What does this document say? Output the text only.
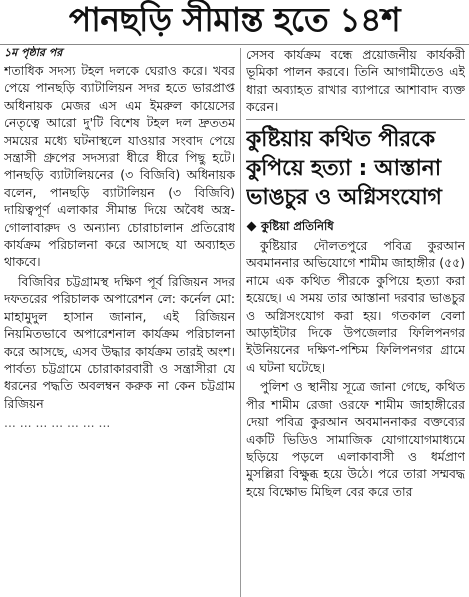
পানছড়ি সীমান্ত হতে ১৪শ
১ম পৃষ্ঠার পর

শতাধিক সদস্য টহল দলকে ঘেরাও করে। খবর পেয়ে পানছড়ি ব্যাটালিয়ন সদর হতে ভারপ্রাপ্ত অধিনায়ক মেজর এস এম ইমরুল কায়েসের নেতৃত্বে আরো দু'টি বিশেষ টহল দল দ্রুততম সময়ের মধ্যে ঘটনাস্থলে যাওয়ার সংবাদ পেয়ে সন্ত্রাসী গ্রুপের সদস্যরা ধীরে ধীরে পিছু হটে। পানছড়ি ব্যাটালিয়নের (৩ বিজিবি) অধিনায়ক বলেন, পানছড়ি ব্যাটালিয়ন (৩ বিজিবি) দায়িত্বপূর্ণ এলাকার সীমান্ত দিয়ে অবৈধ অস্ত্র-গোলাবারুদ ও অন্যান্য চোরাচালান প্রতিরোধ কার্যক্রম পরিচালনা করে আসছে যা অব্যাহত থাকবে।

বিজিবির চট্টগ্রামস্থ দক্ষিণ পূর্ব রিজিয়ন সদর দফতরের পরিচালক অপারেশন লে: কর্নেল মো: মাহামুদুল হাসান জানান, এই রিজিয়ন নিয়মিতভাবে অপারেশনাল কার্যক্রম পরিচালনা করে আসছে, এসব উদ্ধার কার্যক্রম তারই অংশ। পার্বত্য চট্টগ্রামে চোরাকারবারী ও সন্ত্রাসীরা যে ধরনের পদ্ধতি অবলম্বন করুক না কেন চট্টগ্রাম রিজিয়ন

... ... ... ... ... ... ...

সেসব কার্যক্রম বন্ধে প্রয়োজনীয় কার্যকরী ভূমিকা পালন করবে। তিনি আগামীতেও এই ধারা অব্যাহত রাখার ব্যাপারে আশাবাদ ব্যক্ত করেন।

কুষ্টিয়ায় কথিত পীরকে কুপিয়ে হত্যা : আস্তানা ভাঙচুর ও অগ্নিসংযোগ
কুষ্টিয়া প্রতিনিধি

কুষ্টিয়ার দৌলতপুরে পবিত্র কুরআন অবমাননার অভিযোগে শামীম জাহাঙ্গীর (৫৫) নামে এক কথিত পীরকে কুপিয়ে হত্যা করা হয়েছে। এ সময় তার আস্তানা দরবার ভাঙচুর ও অগ্নিসংযোগ করা হয়। গতকাল বেলা আড়াইটার দিকে উপজেলার ফিলিপনগর ইউনিয়নের দক্ষিণ-পশ্চিম ফিলিপনগর গ্রামে এ ঘটনা ঘটেছে।

পুলিশ ও স্থানীয় সূত্রে জানা গেছে, কথিত পীর শামীম রেজা ওরফে শামীম জাহাঙ্গীরের দেয়া পবিত্র কুরআন অবমাননাকর বক্তব্যের একটি ভিডিও সামাজিক যোগাযোগমাধ্যমে ছড়িয়ে পড়লে এলাকাবাসী ও ধর্মপ্রাণ মুসল্লিরা বিক্ষুব্ধ হয়ে উঠে। পরে তারা সম্মবদ্ধ হয়ে বিক্ষোভ মিছিল বের করে তার
